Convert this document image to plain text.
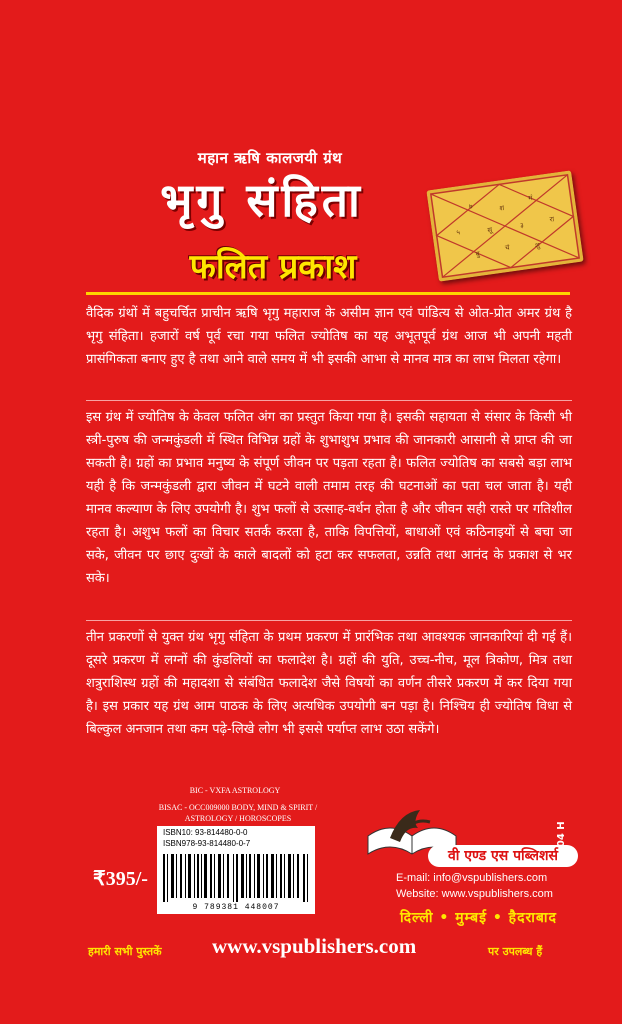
महान ऋषि कालजयी ग्रंथ
भृगु संहिता
फलित प्रकाश
७	श
मं
५	सू
३
रा
बु
चं	शु

वैदिक ग्रंथों में बहुचर्चित प्राचीन ऋषि भृगु महाराज के असीम ज्ञान एवं पांडित्य से ओत-प्रोत अमर ग्रंथ है भृगु संहिता। हजारों वर्ष पूर्व रचा गया फलित ज्योतिष का यह अभूतपूर्व ग्रंथ आज भी अपनी महती प्रासंगिकता बनाए हुए है तथा आने वाले समय में भी इसकी आभा से मानव मात्र का लाभ मिलता रहेगा।

इस ग्रंथ में ज्योतिष के केवल फलित अंग का प्रस्तुत किया गया है। इसकी सहायता से संसार के किसी भी स्त्री-पुरुष की जन्मकुंडली में स्थित विभिन्न ग्रहों के शुभाशुभ प्रभाव की जानकारी आसानी से प्राप्त की जा सकती है। ग्रहों का प्रभाव मनुष्य के संपूर्ण जीवन पर पड़ता रहता है। फलित ज्योतिष का सबसे बड़ा लाभ यही है कि जन्मकुंडली द्वारा जीवन में घटने वाली तमाम तरह की घटनाओं का पता चल जाता है। यही मानव कल्याण के लिए उपयोगी है। शुभ फलों से उत्साह-वर्धन होता है और जीवन सही रास्ते पर गतिशील रहता है। अशुभ फलों का विचार सतर्क करता है, ताकि विपत्तियों, बाधाओं एवं कठिनाइयों से बचा जा सके, जीवन पर छाए दुःखों के काले बादलों को हटा कर सफलता, उन्नति तथा आनंद के प्रकाश से भर सके।

तीन प्रकरणों से युक्त ग्रंथ भृगु संहिता के प्रथम प्रकरण में प्रारंभिक तथा आवश्यक जानकारियां दी गई हैं। दूसरे प्रकरण में लग्नों की कुंडलियों का फलादेश है। ग्रहों की युति, उच्च-नीच, मूल त्रिकोण, मित्र तथा शत्रुराशिस्थ ग्रहों की महादशा से संबंधित फलादेश जैसे विषयों का वर्णन तीसरे प्रकरण में कर दिया गया है। इस प्रकार यह ग्रंथ आम पाठक के लिए अत्यधिक उपयोगी बन पड़ा है। निश्चिय ही ज्योतिष विधा से बिल्कुल अनजान तथा कम पढ़े-लिखे लोग भी इससे पर्याप्त लाभ उठा सकेंगे।

BIC - VXFA ASTROLOGY
BISAC - OCC009000 BODY, MIND & SPIRIT / ASTROLOGY / HOROSCOPES
ISBN10: 93-814480-0-0
ISBN978-93-814480-0-7
9 789381 448007
₹395/-
वी एण्ड एस पब्लिशर्स
E-mail: info@vspublishers.com
Website: www.vspublishers.com
दिल्ली • मुम्बई • हैदराबाद
हमारी सभी पुस्तकें www.vspublishers.com	पर उपलब्ध हैं
